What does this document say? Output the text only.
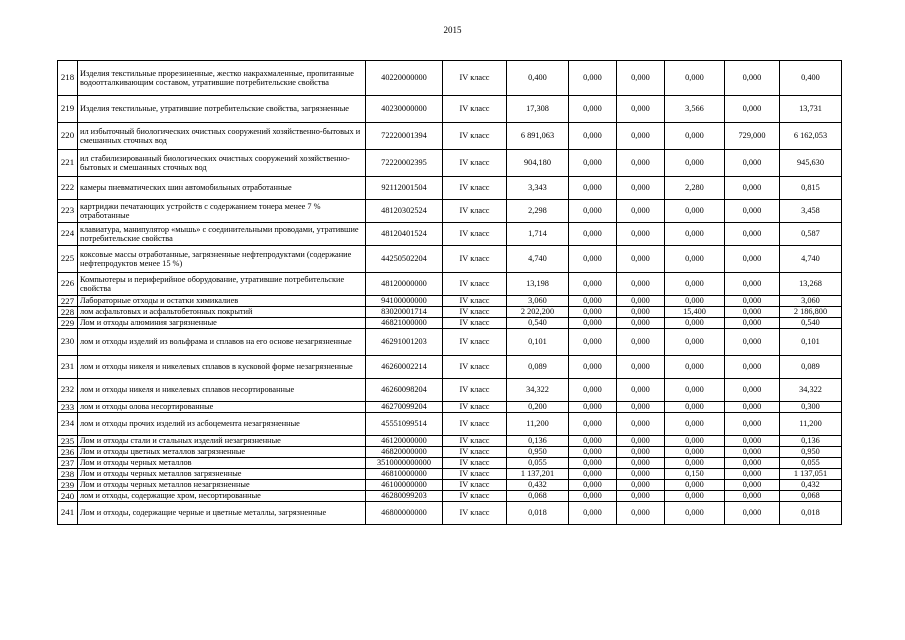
2015
218	Изделия текстильные прорезиненные, жестко накрахмаленные, пропитанные водоотталкивающим составом, утратившие потребительские свойства	40220000000	IV класс	0,400	0,000	0,000	0,000	0,000	0,400
219	Изделия текстильные, утратившие потребительские свойства, загрязненные	40230000000	IV класс	17,308	0,000	0,000	3,566	0,000	13,731
220	ил избыточный биологических очистных сооружений хозяйственно-бытовых и смешанных сточных вод	72220001394	IV класс	6 891,063	0,000	0,000	0,000	729,000	6 162,053
221	ил стабилизированный биологических очистных сооружений хозяйственно-бытовых и смешанных сточных вод	72220002395	IV класс	904,180	0,000	0,000	0,000	0,000	945,630
222	камеры пневматических шин автомобильных отработанные	92112001504	IV класс	3,343	0,000	0,000	2,280	0,000	0,815
223	картриджи печатающих устройств с содержанием тонера менее 7 % отработанные	48120302524	IV класс	2,298	0,000	0,000	0,000	0,000	3,458
224	клавиатура, манипулятор «мышь» с соединительными проводами, утратившие потребительские свойства	48120401524	IV класс	1,714	0,000	0,000	0,000	0,000	0,587
225	коксовые массы отработанные, загрязненные нефтепродуктами (содержание нефтепродуктов менее 15 %)	44250502204	IV класс	4,740	0,000	0,000	0,000	0,000	4,740
226	Компьютеры и периферийное оборудование, утратившие потребительские свойства	48120000000	IV класс	13,198	0,000	0,000	0,000	0,000	13,268
227	Лабораторные отходы и остатки химикалиев	94100000000	IV класс	3,060	0,000	0,000	0,000	0,000	3,060
228	лом асфальтовых и асфальтобетонных покрытий	83020001714	IV класс	2 202,200	0,000	0,000	15,400	0,000	2 186,800
229	Лом и отходы алюминия загрязненные	46821000000	IV класс	0,540	0,000	0,000	0,000	0,000	0,540
230	лом и отходы изделий из вольфрама и сплавов на его основе незагрязненные	46291001203	IV класс	0,101	0,000	0,000	0,000	0,000	0,101
231	лом и отходы никеля и никелевых сплавов в кусковой форме незагрязненные	46260002214	IV класс	0,089	0,000	0,000	0,000	0,000	0,089
232	лом и отходы никеля и никелевых сплавов несортированные	46260098204	IV класс	34,322	0,000	0,000	0,000	0,000	34,322
233	лом и отходы олова несортированные	46270099204	IV класс	0,200	0,000	0,000	0,000	0,000	0,300
234	лом и отходы прочих изделий из асбоцемента незагрязненные	45551099514	IV класс	11,200	0,000	0,000	0,000	0,000	11,200
235	Лом и отходы стали и стальных изделий незагрязненные	46120000000	IV класс	0,136	0,000	0,000	0,000	0,000	0,136
236	Лом и отходы цветных металлов загрязненные	46820000000	IV класс	0,950	0,000	0,000	0,000	0,000	0,950
237	Лом и отходы черных металлов	3510000000000	IV класс	0,055	0,000	0,000	0,000	0,000	0,055
238	Лом и отходы черных металлов загрязненные	46810000000	IV класс	1 137,201	0,000	0,000	0,150	0,000	1 137,051
239	Лом и отходы черных металлов незагрязненные	46100000000	IV класс	0,432	0,000	0,000	0,000	0,000	0,432
240	лом и отходы, содержащие хром, несортированные	46280099203	IV класс	0,068	0,000	0,000	0,000	0,000	0,068
241	Лом и отходы, содержащие черные и цветные металлы, загрязненные	46800000000	IV класс	0,018	0,000	0,000	0,000	0,000	0,018
